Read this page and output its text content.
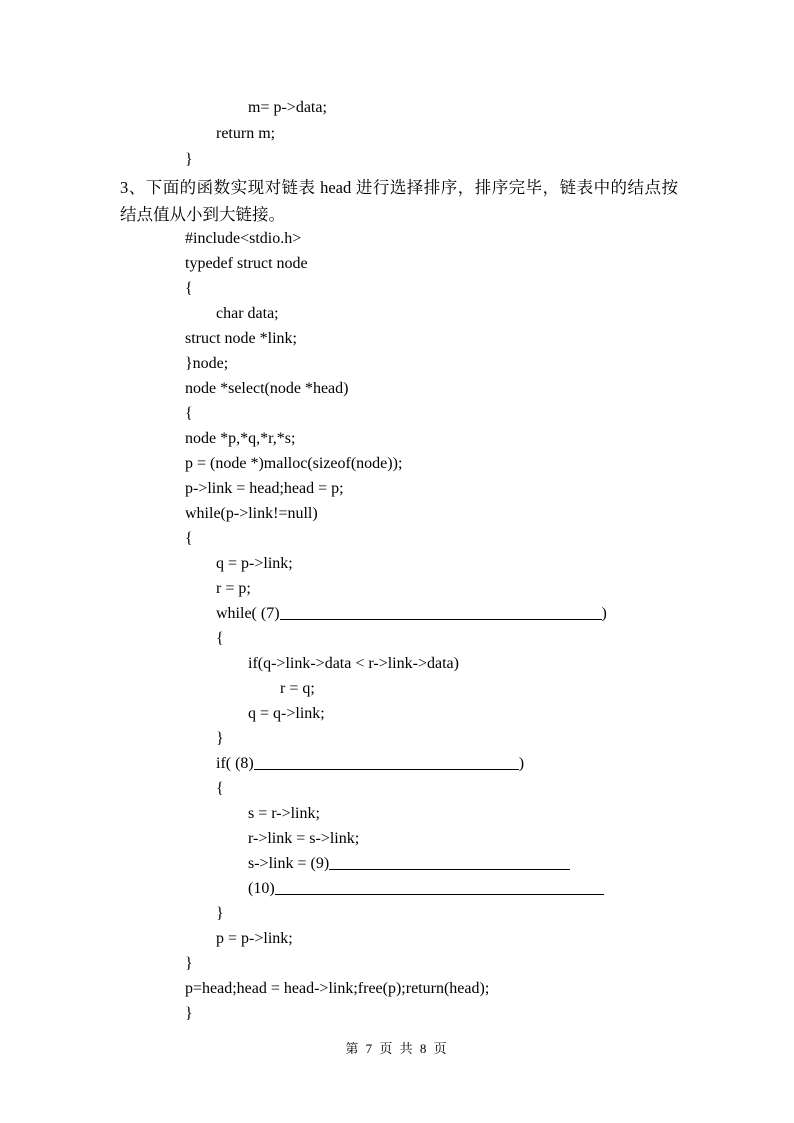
m= p->data;
return m;
}
3、下面的函数实现对链表 head 进行选择排序，排序完毕，链表中的结点按结点值从小到大链接。
#include<stdio.h>
typedef struct node
{
char data;
struct node *link;
}node;
node *select(node *head)
{
node *p,*q,*r,*s;
p = (node *)malloc(sizeof(node));
p->link = head;head = p;
while(p->link!=null)
{
q = p->link;
r = p;
while( (7)	)
{
if(q->link->data < r->link->data)
r = q;
q = q->link;
}
if( (8)	)
{
s = r->link;
r->link = s->link;
s->link = (9)
(10)
}
p = p->link;
}
p=head;head = head->link;free(p);return(head);
}
第 7 页 共 8 页
